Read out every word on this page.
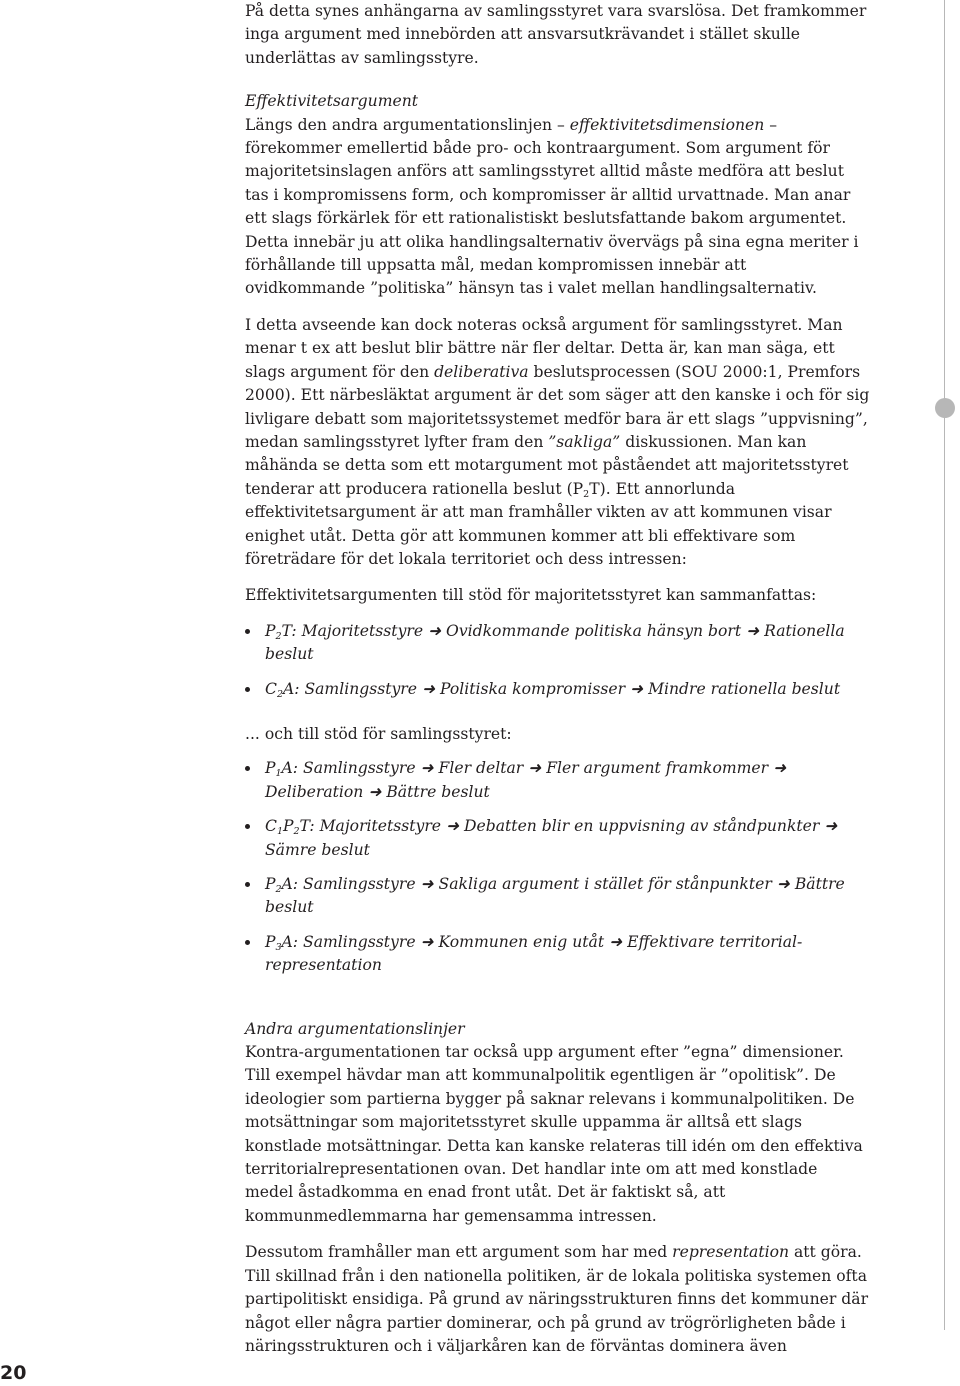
På detta synes anhängarna av samlingsstyret vara svarslösa. Det framkommer inga argument med innebörden att ansvarsutkrävandet i stället skulle underlättas av samlingsstyre.

Effektivitetsargument

Längs den andra argumentationslinjen – effektivitetsdimensionen – förekommer emellertid både pro- och kontraargument. Som argument för majoritetsinslagen anförs att samlingsstyret alltid måste medföra att beslut tas i kompromissens form, och kompromisser är alltid urvattnade. Man anar ett slags förkärlek för ett rationalistiskt beslutsfattande bakom argumentet. Detta innebär ju att olika handlingsalternativ övervägs på sina egna meriter i förhållande till uppsatta mål, medan kompromissen innebär att ovidkommande ”politiska” hänsyn tas i valet mellan handlingsalternativ.

I detta avseende kan dock noteras också argument för samlingsstyret. Man menar t ex att beslut blir bättre när fler deltar. Detta är, kan man säga, ett slags argument för den deliberativa beslutsprocessen (SOU 2000:1, Premfors 2000). Ett närbesläktat argument är det som säger att den kanske i och för sig livligare debatt som majoritetssystemet medför bara är ett slags ”uppvisning”, medan samlingsstyret lyfter fram den ”sakliga” diskussionen. Man kan måhända se detta som ett motargument mot påståendet att majoritetsstyret tenderar att producera rationella beslut $(P_2T)$. Ett annorlunda effektivitetsargument är att man framhåller vikten av att kommunen visar enighet utåt. Detta gör att kommunen kommer att bli effektivare som företrädare för det lokala territoriet och dess intressen:

Effektivitetsargumenten till stöd för majoritetsstyret kan sammanfattas:

$P_2T$: Majoritetsstyre ➜ Ovidkommande politiska hänsyn bort ➜ Rationella beslut
$C_2A$: Samlingsstyre ➜ Politiska kompromisser ➜ Mindre rationella beslut

... och till stöd för samlingsstyret:

$P_1A$: Samlingsstyre ➜ Fler deltar ➜ Fler argument framkommer ➜ Deliberation ➜ Bättre beslut
$C_1P_2T$: Majoritetsstyre ➜ Debatten blir en uppvisning av ståndpunkter ➜ Sämre beslut
$P_2A$: Samlingsstyre ➜ Sakliga argument i stället för stånpunkter ➜ Bättre beslut
$P_3A$: Samlingsstyre ➜ Kommunen enig utåt ➜ Effektivare territorial-representation

Andra argumentationslinjer

Kontra-argumentationen tar också upp argument efter ”egna” dimensioner. Till exempel hävdar man att kommunalpolitik egentligen är ”opolitisk”. De ideologier som partierna bygger på saknar relevans i kommunalpolitiken. De motsättningar som majoritetsstyret skulle uppamma är alltså ett slags konstlade motsättningar. Detta kan kanske relateras till idén om den effektiva territorialrepresentationen ovan. Det handlar inte om att med konstlade medel åstadkomma en enad front utåt. Det är faktiskt så, att kommunmedlemmarna har gemensamma intressen.

Dessutom framhåller man ett argument som har med representation att göra. Till skillnad från i den nationella politiken, är de lokala politiska systemen ofta partipolitiskt ensidiga. På grund av näringsstrukturen finns det kommuner där något eller några partier dominerar, och på grund av trögrörligheten både i näringsstrukturen och i väljarkåren kan de förväntas dominera även

20
